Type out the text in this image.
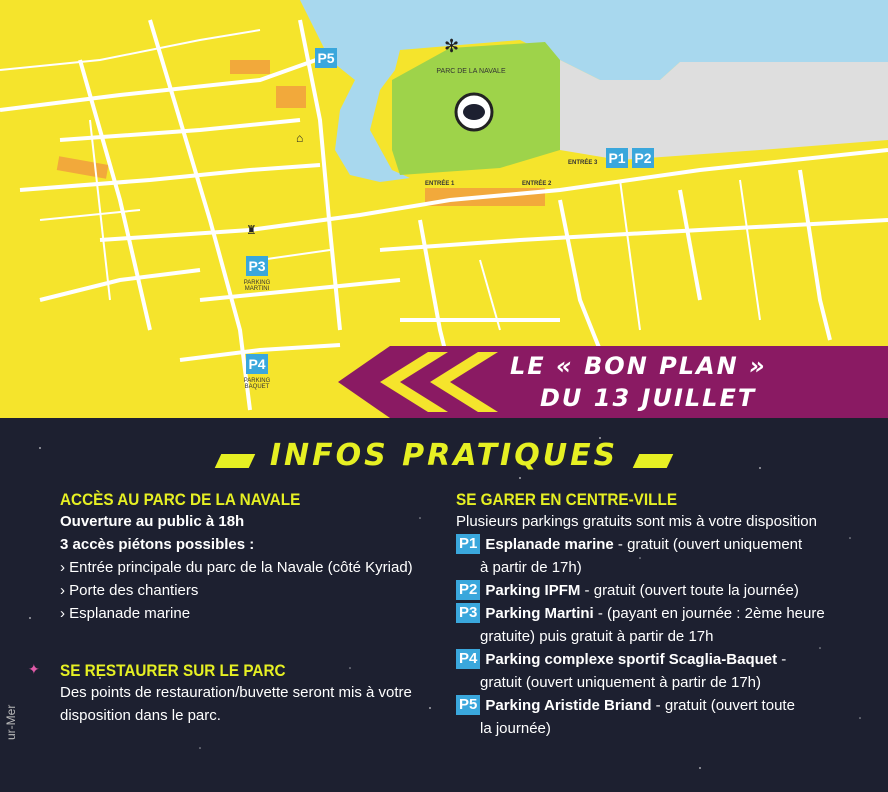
✻
⌂
♜
PARC DE LA NAVALE
P5
P1 P2
P3
P4
PARKING MARTINI
PARKING BAQUET
ENTRÉE 1	ENTRÉE 2
ENTRÉE 3
LE « BON PLAN »
DU 13 JUILLET
✦
INFOS PRATIQUES
ACCÈS AU PARC DE LA NAVALE
Ouverture au public à 18h
3 accès piétons possibles :
› Entrée principale du parc de la Navale (côté Kyriad)
› Porte des chantiers
› Esplanade marine
SE RESTAURER SUR LE PARC
Des points de restauration/buvette seront mis à votre disposition dans le parc.
SE GARER EN CENTRE-VILLE
Plusieurs parkings gratuits sont mis à votre disposition
P1 Esplanade marine - gratuit (ouvert uniquement
à partir de 17h)
P2 Parking IPFM - gratuit (ouvert toute la journée)
P3 Parking Martini - (payant en journée : 2ème heure
gratuite) puis gratuit à partir de 17h
P4 Parking complexe sportif Scaglia-Baquet -
gratuit (ouvert uniquement à partir de 17h)
P5 Parking Aristide Briand - gratuit (ouvert toute
la journée)
ur-Mer
